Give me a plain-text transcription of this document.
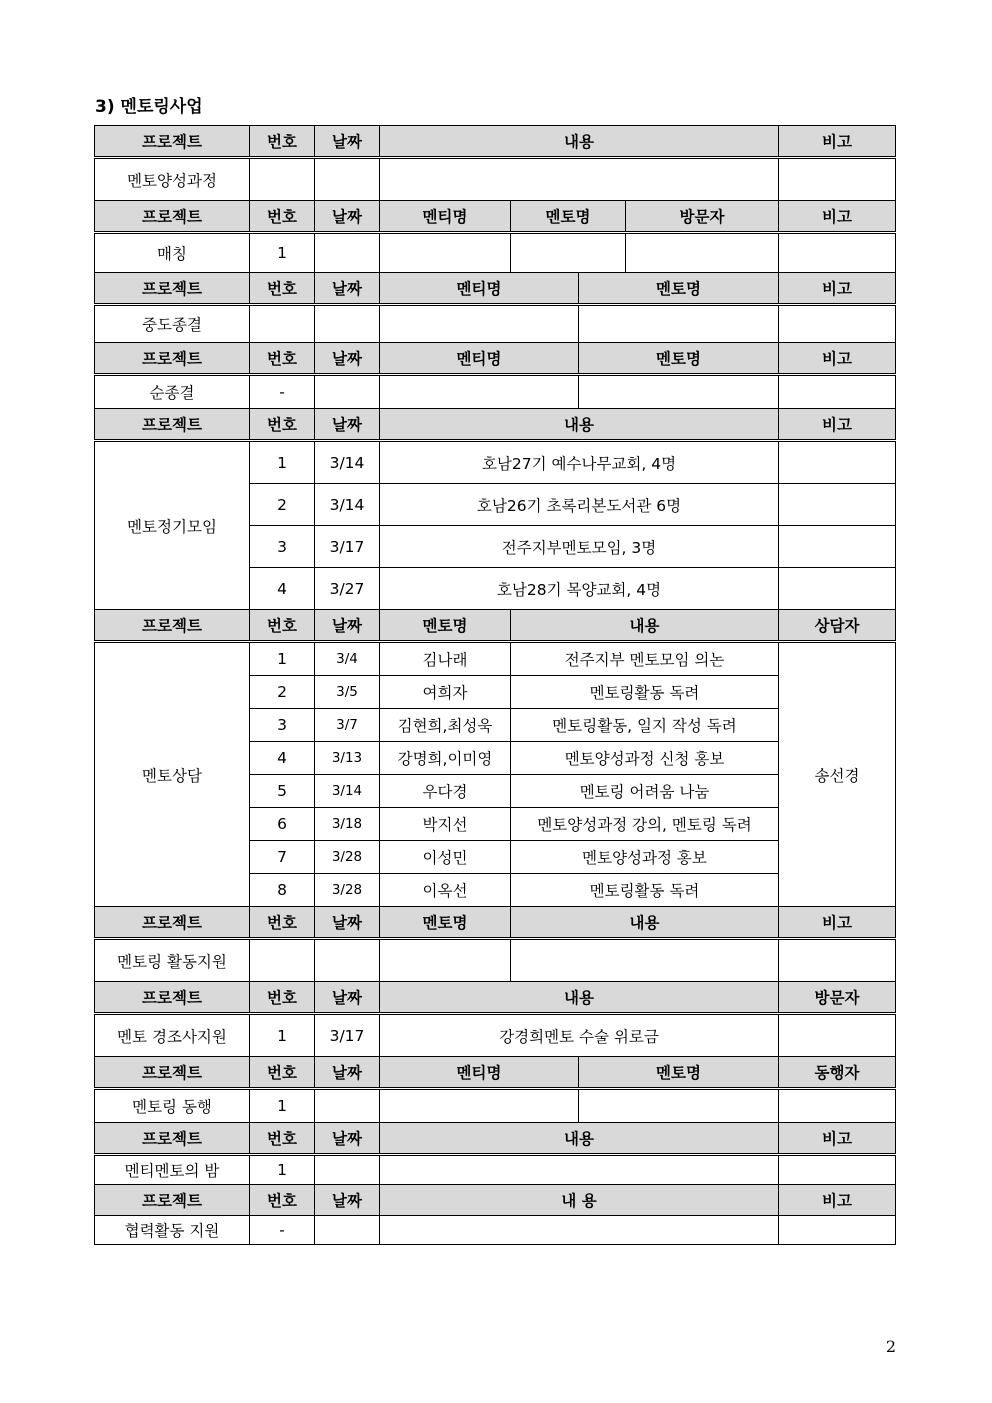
3) 멘토링사업
프로젝트	번호	날짜	내용				비고
멘토양성과정							
프로젝트	번호	날짜	멘티명	멘토명		방문자	비고
매칭	1						
프로젝트	번호	날짜	멘티명		멘토명		비고
중도종결							
프로젝트	번호	날짜	멘티명		멘토명		비고
순종결	-						
프로젝트	번호	날짜	내용				비고
멘토정기모임	1	3/14	호남27기 예수나무교회, 4명				
	2	3/14	호남26기 초록리본도서관 6명				
	3	3/17	전주지부멘토모임, 3명				
	4	3/27	호남28기 목양교회, 4명				
프로젝트	번호	날짜	멘토명	내용			상담자
멘토상담	1	3/4	김나래	전주지부 멘토모임 의논			송선경
	2	3/5	여희자	멘토링활동 독려			
	3	3/7	김현희,최성욱	멘토링활동, 일지 작성 독려			
	4	3/13	강명희,이미영	멘토양성과정 신청 홍보			
	5	3/14	우다경	멘토링 어려움 나눔			
	6	3/18	박지선	멘토양성과정 강의, 멘토링 독려			
	7	3/28	이성민	멘토양성과정 홍보			
	8	3/28	이옥선	멘토링활동 독려			
프로젝트	번호	날짜	멘토명	내용			비고
멘토링 활동지원							
프로젝트	번호	날짜	내용				방문자
멘토 경조사지원	1	3/17	강경희멘토 수술 위로금				
프로젝트	번호	날짜	멘티명		멘토명		동행자
멘토링 동행	1						
프로젝트	번호	날짜	내용				비고
멘티멘토의 밤	1						
프로젝트	번호	날짜	내 용				비고
협력활동 지원	-						
2
